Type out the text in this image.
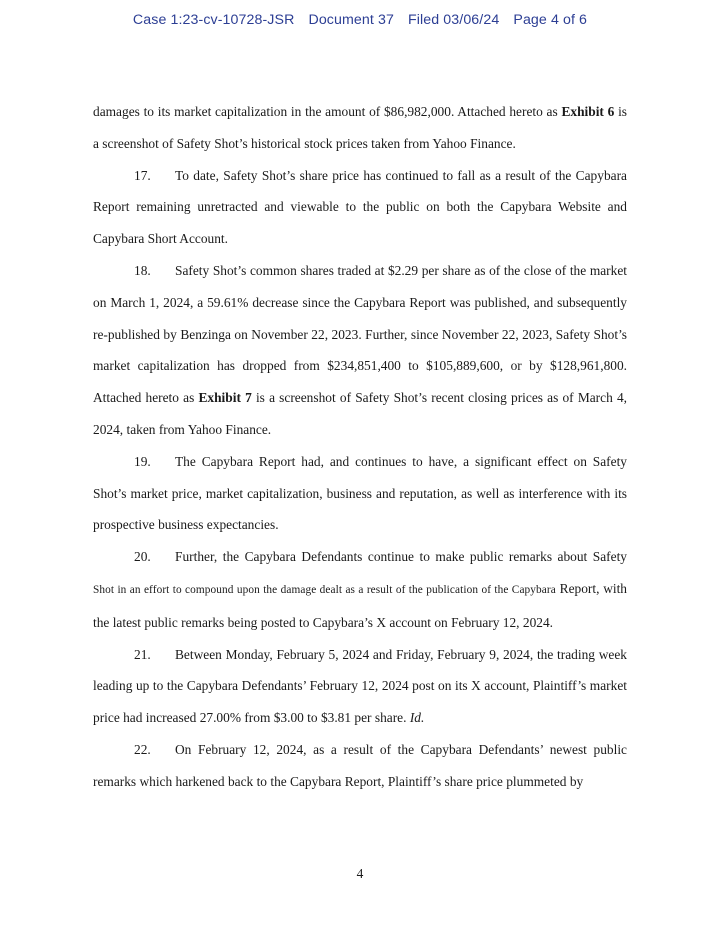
Case 1:23-cv-10728-JSR Document 37 Filed 03/06/24 Page 4 of 6

damages to its market capitalization in the amount of $86,982,000. Attached hereto as Exhibit 6 is a screenshot of Safety Shot’s historical stock prices taken from Yahoo Finance.

17. To date, Safety Shot’s share price has continued to fall as a result of the Capybara Report remaining unretracted and viewable to the public on both the Capybara Website and Capybara Short Account.

18. Safety Shot’s common shares traded at $2.29 per share as of the close of the market on March 1, 2024, a 59.61% decrease since the Capybara Report was published, and subsequently re-published by Benzinga on November 22, 2023. Further, since November 22, 2023, Safety Shot’s market capitalization has dropped from $234,851,400 to $105,889,600, or by $128,961,800. Attached hereto as Exhibit 7 is a screenshot of Safety Shot’s recent closing prices as of March 4, 2024, taken from Yahoo Finance.

19. The Capybara Report had, and continues to have, a significant effect on Safety Shot’s market price, market capitalization, business and reputation, as well as interference with its prospective business expectancies.

20. Further, the Capybara Defendants continue to make public remarks about Safety Shot in an effort to compound upon the damage dealt as a result of the publication of the Capybara Report, with the latest public remarks being posted to Capybara’s X account on February 12, 2024.

21. Between Monday, February 5, 2024 and Friday, February 9, 2024, the trading week leading up to the Capybara Defendants’ February 12, 2024 post on its X account, Plaintiff’s market price had increased 27.00% from $3.00 to $3.81 per share. Id.

22. On February 12, 2024, as a result of the Capybara Defendants’ newest public remarks which harkened back to the Capybara Report, Plaintiff’s share price plummeted by

4
